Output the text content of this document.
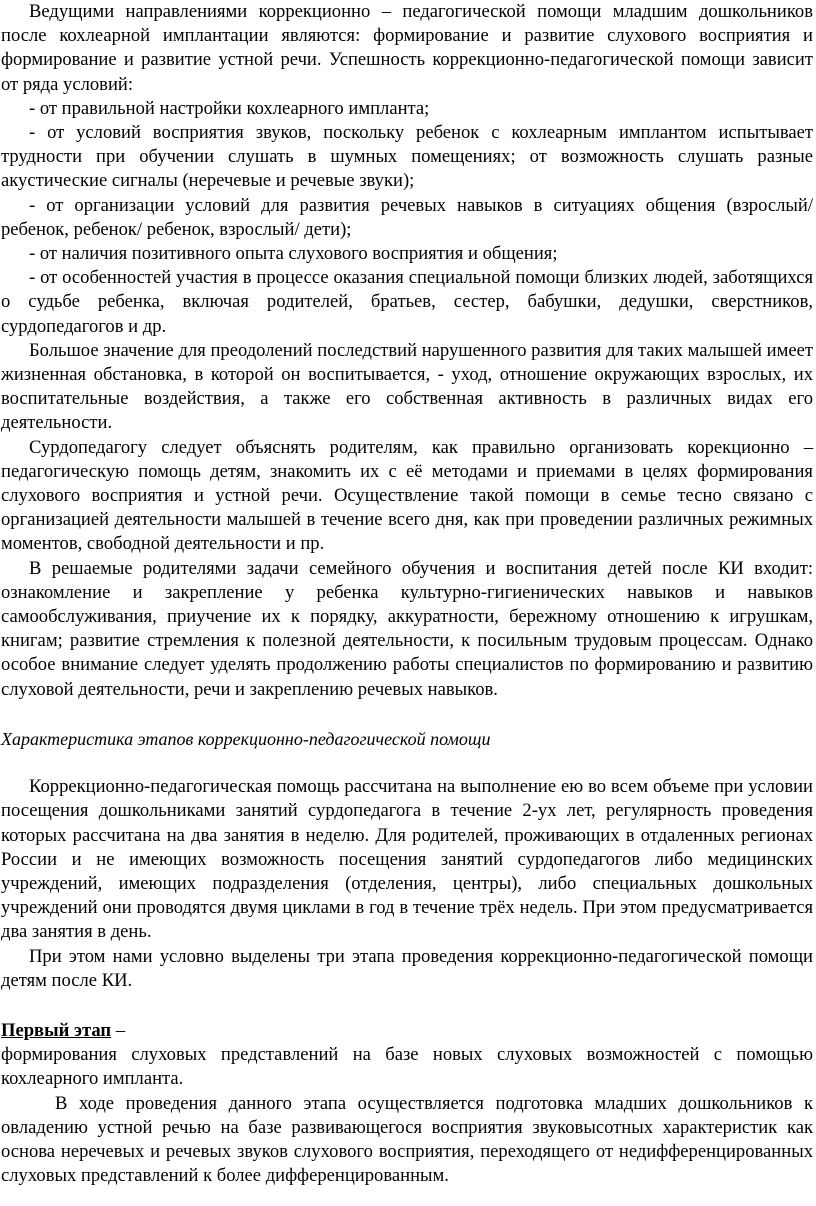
Ведущими направлениями коррекционно – педагогической помощи младшим дошкольников после кохлеарной имплантации являются: формирование и развитие слухового восприятия и формирование и развитие устной речи. Успешность коррекционно-педагогической помощи зависит от ряда условий:

- от правильной настройки кохлеарного импланта;

- от условий восприятия звуков, поскольку ребенок с кохлеарным имплантом испытывает трудности при обучении слушать в шумных помещениях; от возможность слушать разные акустические сигналы (неречевые и речевые звуки);

- от организации условий для развития речевых навыков в ситуациях общения (взрослый/ ребенок, ребенок/ ребенок, взрослый/ дети);

- от наличия позитивного опыта слухового восприятия и общения;

- от особенностей участия в процессе оказания специальной помощи близких людей, заботящихся о судьбе ребенка, включая родителей, братьев, сестер, бабушки, дедушки, сверстников, сурдопедагогов и др.

Большое значение для преодолений последствий нарушенного развития для таких малышей имеет жизненная обстановка, в которой он воспитывается, - уход, отношение окружающих взрослых, их воспитательные воздействия, а также его собственная активность в различных видах его деятельности.

Сурдопедагогу следует объяснять родителям, как правильно организовать корекционно – педагогическую помощь детям, знакомить их с её методами и приемами в целях формирования слухового восприятия и устной речи. Осуществление такой помощи в семье тесно связано с организацией деятельности малышей в течение всего дня, как при проведении различных режимных моментов, свободной деятельности и пр.

В решаемые родителями задачи семейного обучения и воспитания детей после КИ входит: ознакомление и закрепление у ребенка культурно-гигиенических навыков и навыков самообслуживания, приучение их к порядку, аккуратности, бережному отношению к игрушкам, книгам; развитие стремления к полезной деятельности, к посильным трудовым процессам. Однако особое внимание следует уделять продолжению работы специалистов по формированию и развитию слуховой деятельности, речи и закреплению речевых навыков.

Характеристика этапов коррекционно-педагогической помощи

Коррекционно-педагогическая помощь рассчитана на выполнение ею во всем объеме при условии посещения дошкольниками занятий сурдопедагога в течение 2-ух лет, регулярность проведения которых рассчитана на два занятия в неделю. Для родителей, проживающих в отдаленных регионах России и не имеющих возможность посещения занятий сурдопедагогов либо медицинских учреждений, имеющих подразделения (отделения, центры), либо специальных дошкольных учреждений они проводятся двумя циклами в год в течение трёх недель. При этом предусматривается два занятия в день.

При этом нами условно выделены три этапа проведения коррекционно-педагогической помощи детям после КИ.

Первый этап –

формирования слуховых представлений на базе новых слуховых возможностей с помощью кохлеарного импланта.

В ходе проведения данного этапа осуществляется подготовка младших дошкольников к овладению устной речью на базе развивающегося восприятия звуковысотных характеристик как основа неречевых и речевых звуков слухового восприятия, переходящего от недифференцированных слуховых представлений к более дифференцированным.
